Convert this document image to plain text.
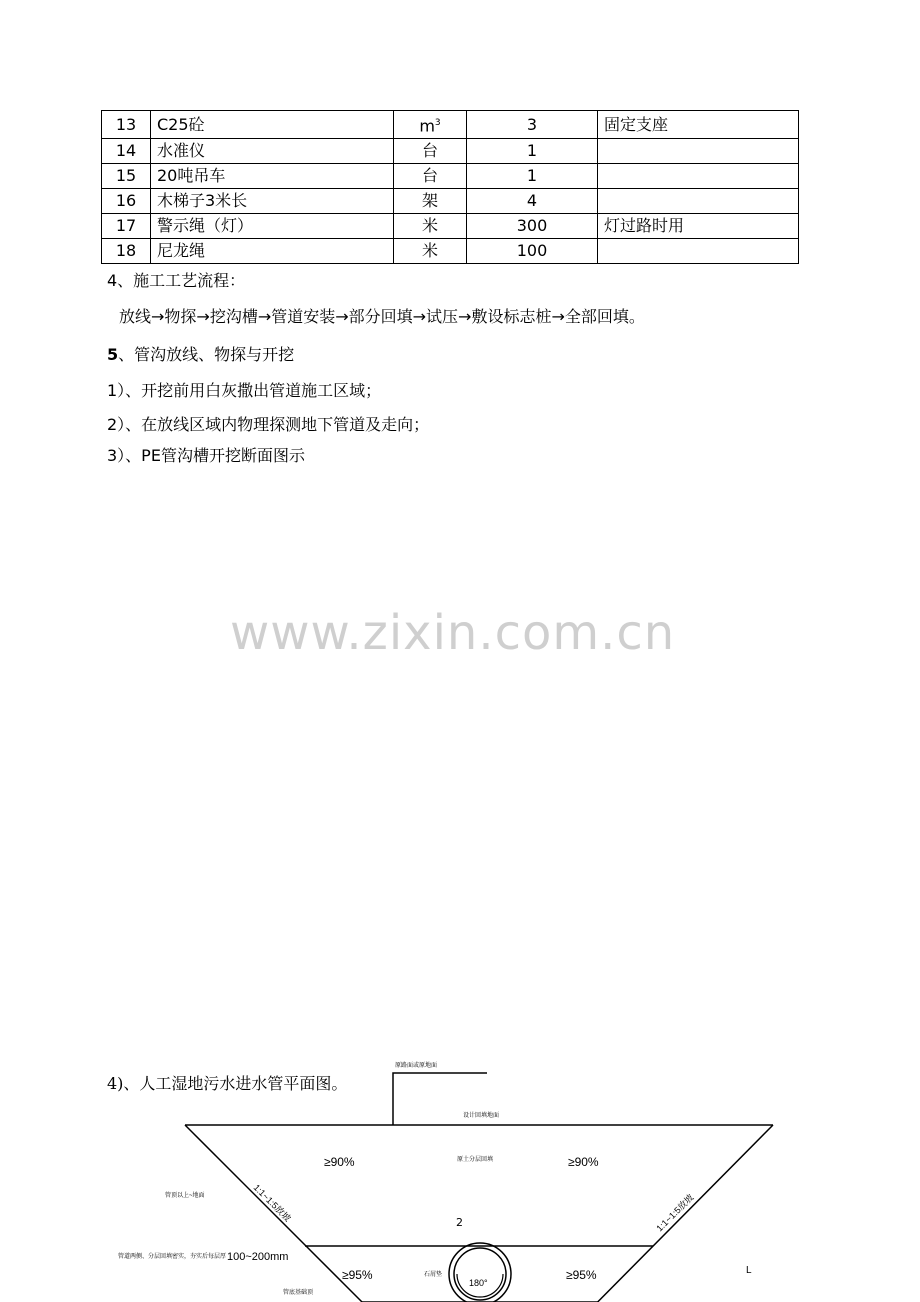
13	C25砼	$m^3$	3	固定支座
14	水准仪	台	1	
15	20吨吊车	台	1	
16	木梯子3米长	架	4	
17	警示绳（灯）	米	300	灯过路时用
18	尼龙绳	米	100	
4、施工工艺流程：
放线→物探→挖沟槽→管道安装→部分回填→试压→敷设标志桩→全部回填。
5、管沟放线、物探与开挖
1）、开挖前用白灰撒出管道施工区域；
2）、在放线区域内物理探测地下管道及走向；
3）、PE管沟槽开挖断面图示
原路面或原地面
设计回填地面
≥90%	原土分层回填	≥90%
管顶以上~地面	1:1~1:5放坡	1:1~1:5放坡
管道两侧、分层回填密实，夯实后每层厚 100~200mm
≥95%	石屑垫
180°
≥95%	L
管底基础顶
www.zixin.com.cn
4)、人工湿地污水进水管平面图。
2
